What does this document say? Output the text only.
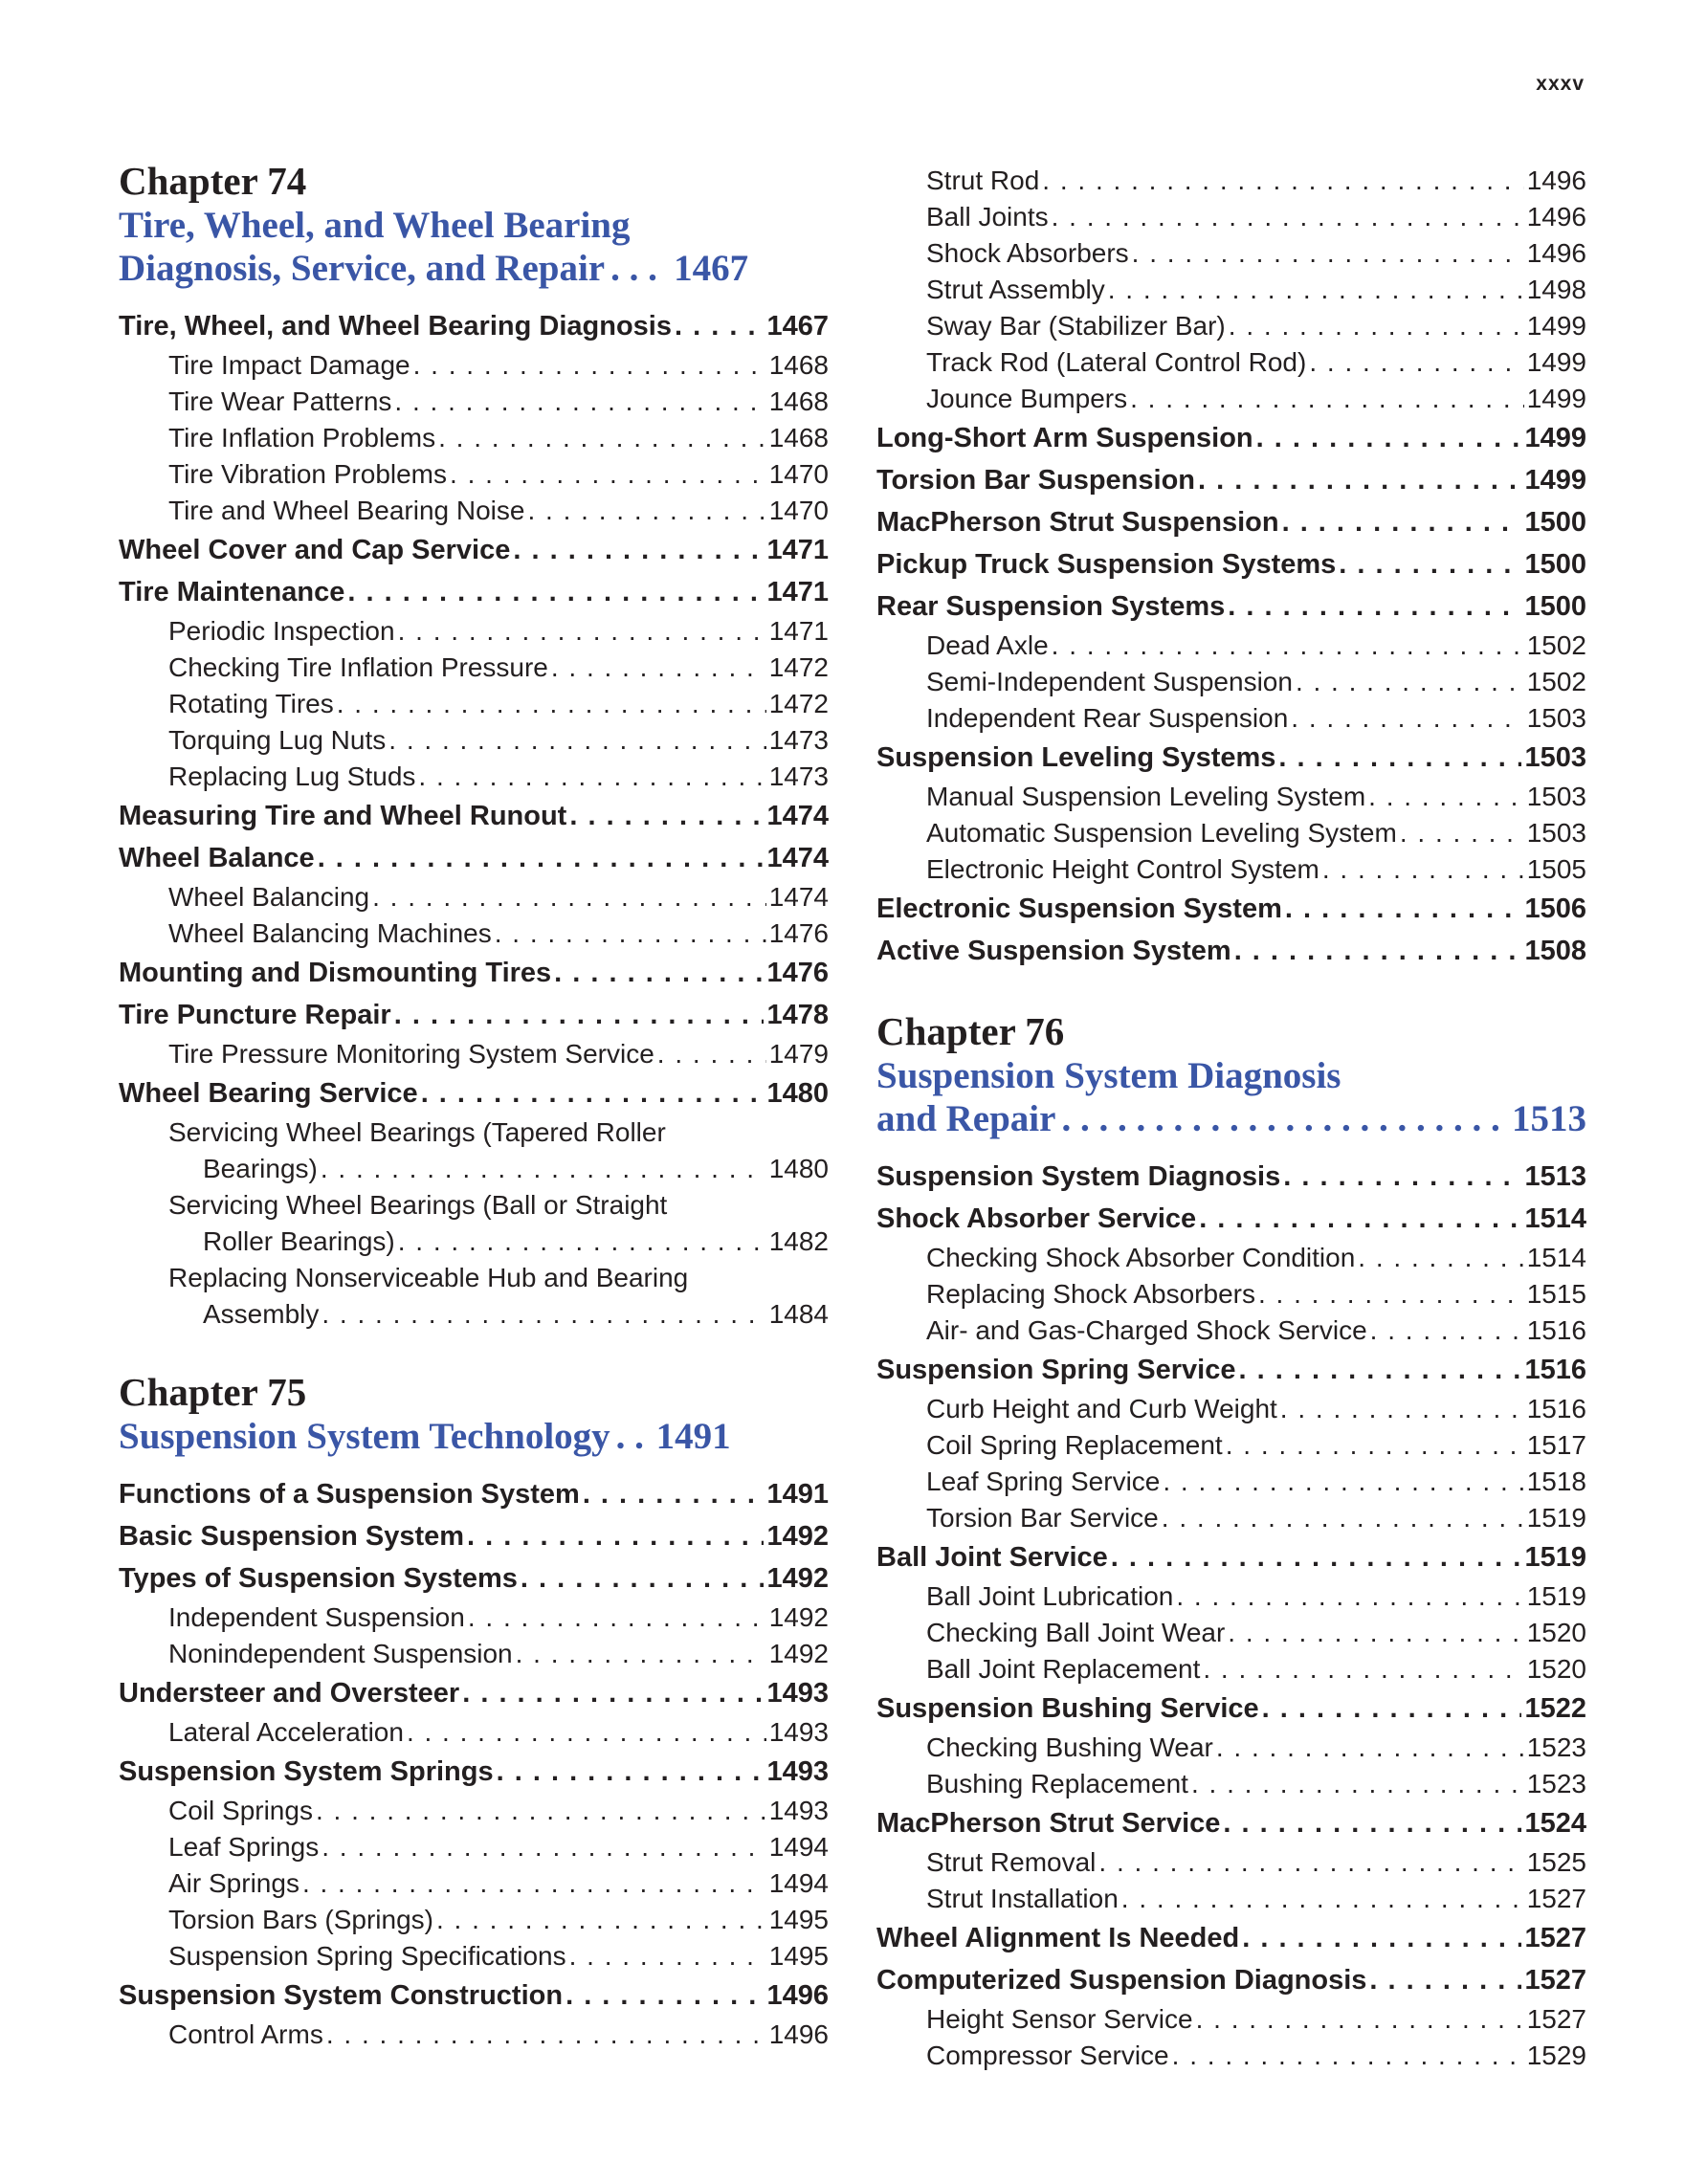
xxxv
Chapter 74
Tire, Wheel, and Wheel Bearing
Diagnosis, Service, and Repair . . . 1467
Tire, Wheel, and Wheel Bearing Diagnosis . . .	1467
Tire Impact Damage . . .	1468
Tire Wear Patterns . . .	1468
Tire Inflation Problems . . .	1468
Tire Vibration Problems . . .	1470
Tire and Wheel Bearing Noise . . .	1470
Wheel Cover and Cap Service . . .	1471
Tire Maintenance . . .	1471
Periodic Inspection . . .	1471
Checking Tire Inflation Pressure . . .	1472
Rotating Tires . . .	1472
Torquing Lug Nuts . . .	1473
Replacing Lug Studs . . .	1473
Measuring Tire and Wheel Runout . . .	1474
Wheel Balance . . .	1474
Wheel Balancing . . .	1474
Wheel Balancing Machines . . .	1476
Mounting and Dismounting Tires . . .	1476
Tire Puncture Repair . . .	1478
Tire Pressure Monitoring System Service . . .	1479
Wheel Bearing Service . . .	1480
Servicing Wheel Bearings (Tapered Roller
Bearings) . . .	1480
Servicing Wheel Bearings (Ball or Straight
Roller Bearings) . . .	1482
Replacing Nonserviceable Hub and Bearing
Assembly . . .	1484
Chapter 75
Suspension System Technology . . . 1491
Functions of a Suspension System . . .	1491
Basic Suspension System . . .	1492
Types of Suspension Systems . . .	1492
Independent Suspension . . .	1492
Nonindependent Suspension . . .	1492
Understeer and Oversteer . . .	1493
Lateral Acceleration . . .	1493
Suspension System Springs . . .	1493
Coil Springs . . .	1493
Leaf Springs . . .	1494
Air Springs . . .	1494
Torsion Bars (Springs) . . .	1495
Suspension Spring Specifications . . .	1495
Suspension System Construction . . .	1496
Control Arms . . .	1496
Strut Rod . . .	1496
Ball Joints . . .	1496
Shock Absorbers . . .	1496
Strut Assembly . . .	1498
Sway Bar (Stabilizer Bar) . . .	1499
Track Rod (Lateral Control Rod) . . .	1499
Jounce Bumpers . . .	1499
Long-Short Arm Suspension . . .	1499
Torsion Bar Suspension . . .	1499
MacPherson Strut Suspension . . .	1500
Pickup Truck Suspension Systems . . .	1500
Rear Suspension Systems . . .	1500
Dead Axle . . .	1502
Semi-Independent Suspension . . .	1502
Independent Rear Suspension . . .	1503
Suspension Leveling Systems . . .	1503
Manual Suspension Leveling System . . .	1503
Automatic Suspension Leveling System . . .	1503
Electronic Height Control System . . .	1505
Electronic Suspension System . . .	1506
Active Suspension System . . .	1508
Chapter 76
Suspension System Diagnosis
and Repair . . .	1513
Suspension System Diagnosis . . .	1513
Shock Absorber Service . . .	1514
Checking Shock Absorber Condition . . .	1514
Replacing Shock Absorbers . . .	1515
Air- and Gas-Charged Shock Service . . .	1516
Suspension Spring Service . . .	1516
Curb Height and Curb Weight . . .	1516
Coil Spring Replacement . . .	1517
Leaf Spring Service . . .	1518
Torsion Bar Service . . .	1519
Ball Joint Service . . .	1519
Ball Joint Lubrication . . .	1519
Checking Ball Joint Wear . . .	1520
Ball Joint Replacement . . .	1520
Suspension Bushing Service . . .	1522
Checking Bushing Wear . . .	1523
Bushing Replacement . . .	1523
MacPherson Strut Service . . .	1524
Strut Removal . . .	1525
Strut Installation . . .	1527
Wheel Alignment Is Needed . . .	1527
Computerized Suspension Diagnosis . . .	1527
Height Sensor Service . . .	1527
Compressor Service . . .	1529
